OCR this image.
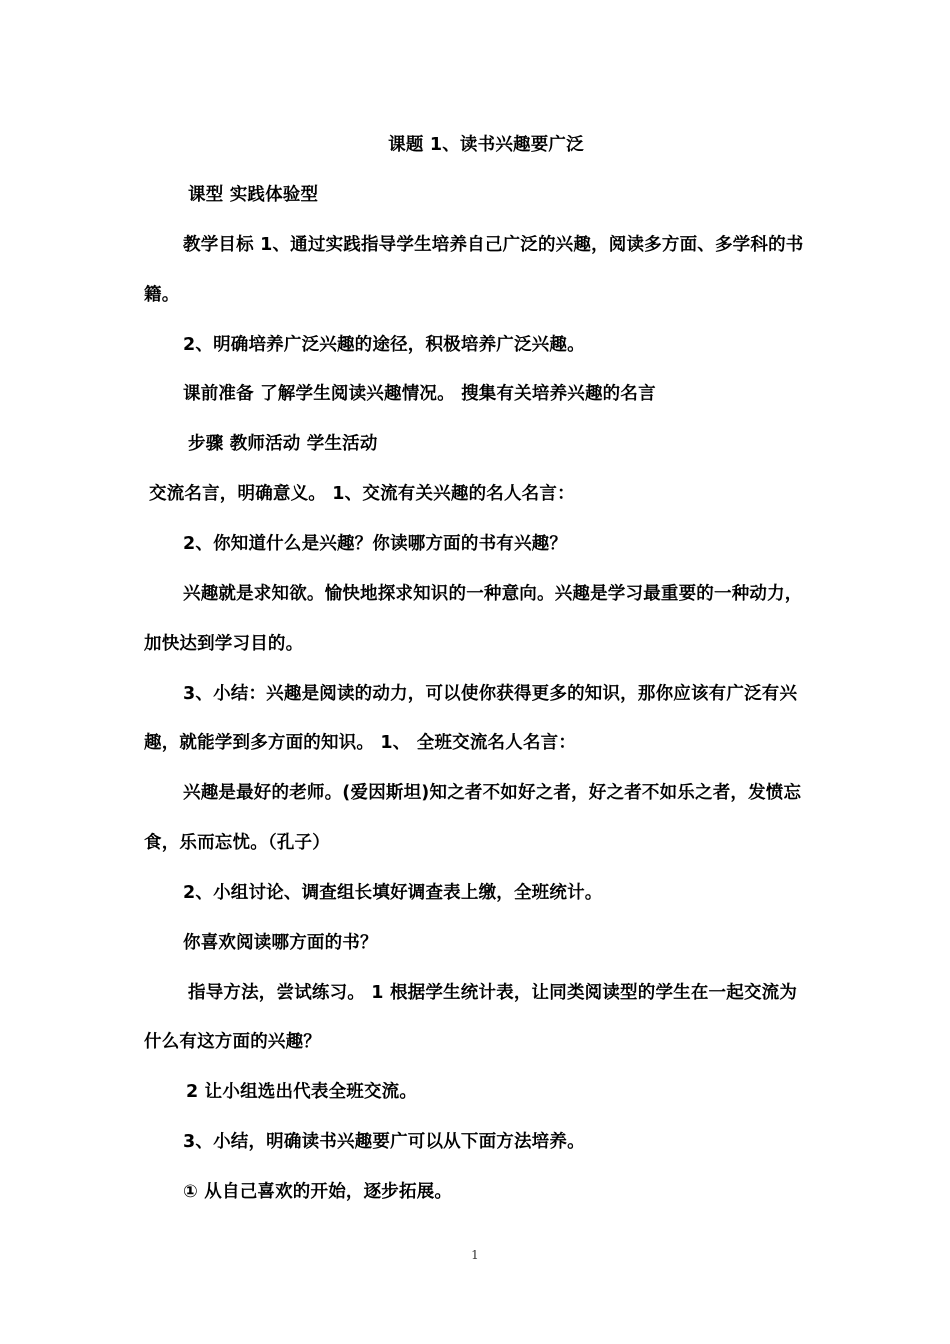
课题 1、读书兴趣要广泛
课型 实践体验型
教学目标 1、通过实践指导学生培养自己广泛的兴趣，阅读多方面、多学科的书
籍。
2、明确培养广泛兴趣的途径，积极培养广泛兴趣。
课前准备 了解学生阅读兴趣情况。 搜集有关培养兴趣的名言
步骤 教师活动 学生活动
交流名言，明确意义。 1、交流有关兴趣的名人名言：
2、你知道什么是兴趣？你读哪方面的书有兴趣？
兴趣就是求知欲。愉快地探求知识的一种意向。兴趣是学习最重要的一种动力，
加快达到学习目的。
3、小结：兴趣是阅读的动力，可以使你获得更多的知识，那你应该有广泛有兴
趣，就能学到多方面的知识。 1、 全班交流名人名言：
兴趣是最好的老师。(爱因斯坦)知之者不如好之者，好之者不如乐之者，发愤忘
食，乐而忘忧。（孔子）
2、小组讨论、调查组长填好调查表上缴，全班统计。
你喜欢阅读哪方面的书？
指导方法，尝试练习。 1 根据学生统计表，让同类阅读型的学生在一起交流为
什么有这方面的兴趣？
2 让小组选出代表全班交流。
3、小结，明确读书兴趣要广可以从下面方法培养。
① 从自己喜欢的开始，逐步拓展。
1
